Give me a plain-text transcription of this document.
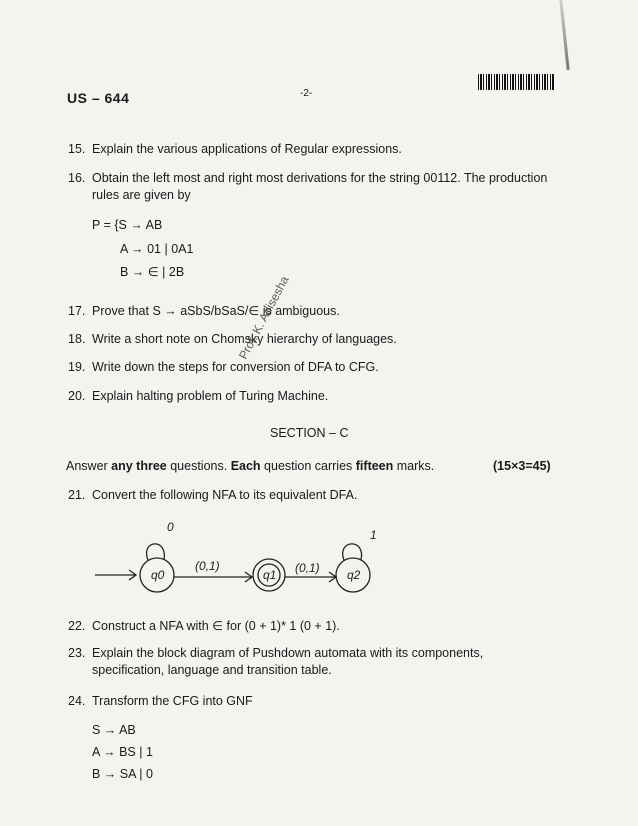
US – 644	-2-
15. Explain the various applications of Regular expressions.
16. Obtain the left most and right most derivations for the string 00112. The production
rules are given by
P = {S → AB
A → 01 | 0A1
B → ∈ | 2B
17. Prove that S → aSbS/bSaS/∈ is ambiguous.
18. Write a short note on Chomsky hierarchy of languages.
19. Write down the steps for conversion of DFA to CFG.
20. Explain halting problem of Turing Machine.
Prof. K. Adisesha
SECTION – C
Answer any three questions. Each question carries fifteen marks.	(15×3=45)
21. Convert the following NFA to its equivalent DFA.
q0	q1	q2
0
1
(0,1)	(0,1)
22. Construct a NFA with ∈ for (0 + 1)* 1 (0 + 1).
23. Explain the block diagram of Pushdown automata with its components,
specification, language and transition table.
24. Transform the CFG into GNF
S → AB
A → BS | 1
B → SA | 0
